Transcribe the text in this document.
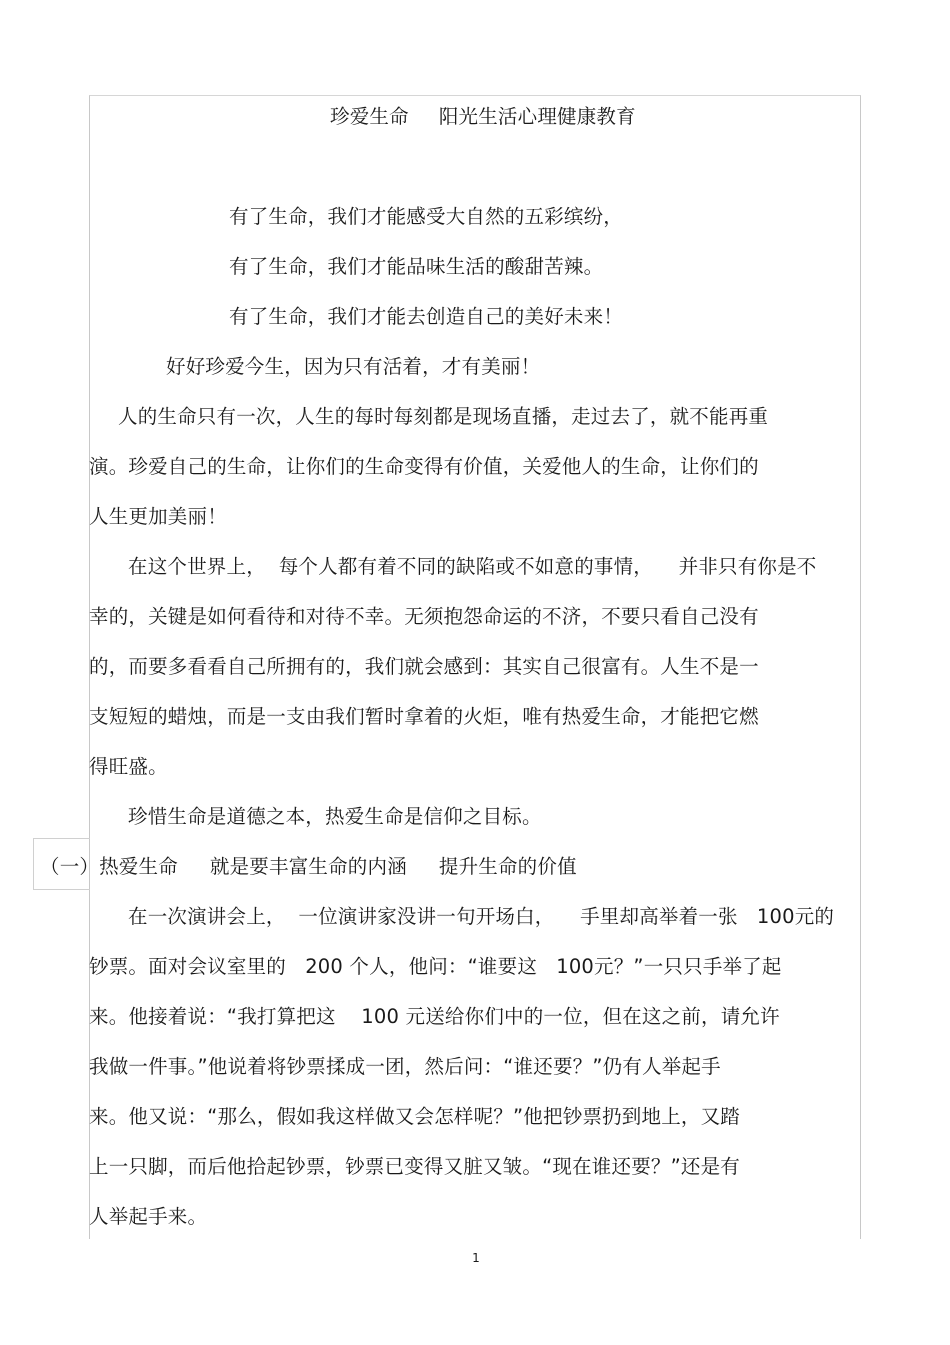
珍爱生命 阳光生活心理健康教育
有了生命，我们才能感受大自然的五彩缤纷，
有了生命，我们才能品味生活的酸甜苦辣。
有了生命，我们才能去创造自己的美好未来！
好好珍爱今生，因为只有活着，才有美丽！
人的生命只有一次，人生的每时每刻都是现场直播，走过去了，就不能再重
演。珍爱自己的生命，让你们的生命变得有价值，关爱他人的生命，让你们的
人生更加美丽！
在这个世界上，  每个人都有着不同的缺陷或不如意的事情，    并非只有你是不
幸的，关键是如何看待和对待不幸。无须抱怨命运的不济，不要只看自己没有
的，而要多看看自己所拥有的，我们就会感到：其实自己很富有。人生不是一
支短短的蜡烛，而是一支由我们暂时拿着的火炬，唯有热爱生命，才能把它燃
得旺盛。
珍惜生命是道德之本，热爱生命是信仰之目标。
（一）热爱生命     就是要丰富生命的内涵     提升生命的价值
在一次演讲会上，  一位演讲家没讲一句开场白，    手里却高举着一张   100元的
钞票。面对会议室里的   200 个人，他问：“谁要这   100元？”一只只手举了起
来。他接着说：“我打算把这    100 元送给你们中的一位，但在这之前，请允许
我做一件事。”他说着将钞票揉成一团，然后问：“谁还要？”仍有人举起手
来。他又说：“那么，假如我这样做又会怎样呢？”他把钞票扔到地上，又踏
上一只脚，而后他拾起钞票，钞票已变得又脏又皱。“现在谁还要？”还是有
人举起手来。
1
